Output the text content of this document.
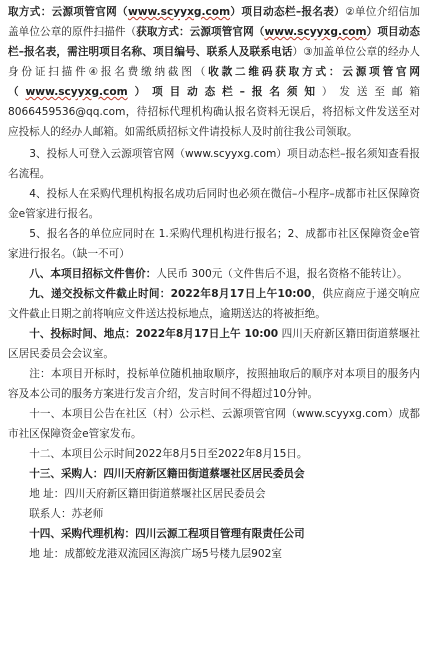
取方式：云源项管官网（www.scyyxg.com）项目动态栏–报名表）②单位介绍信加盖单位公章的原件扫描件（获取方式：云源项管官网（www.scyyxg.com）项目动态栏–报名表，需注明项目名称、项目编号、联系人及联系电话）③加盖单位公章的经办人身份证扫描件④报名费缴纳截图（收款二维码获取方式：云源项管官网（www.scyyxg.com）项目动态栏–报名须知）发送至邮箱8066459536@qq.com，待招标代理机构确认报名资料无误后，将招标文件发送至对应投标人的经办人邮箱。如需纸质招标文件请投标人及时前往我公司领取。

3、投标人可登入云源项管官网（www.scyyxg.com）项目动态栏–报名须知查看报名流程。

4、投标人在采购代理机构报名成功后同时也必须在微信–小程序–成都市社区保障资金e管家进行报名。

5、报名各的单位应同时在 1.采购代理机构进行报名；2、成都市社区保障资金e管家进行报名。（缺一不可）

八、本项目招标文件售价：人民币 300元（文件售后不退，报名资格不能转让）。

九、递交投标文件截止时间：2022年8月17日上午10:00，供应商应于递交响应文件截止日期之前将响应文件送达投标地点，逾期送达的将被拒绝。

十、投标时间、地点：2022年8月17日上午 10:00 四川天府新区籍田街道蔡堰社区居民委员会会议室。

注：本项目开标时，投标单位随机抽取顺序，按照抽取后的顺序对本项目的服务内容及本公司的服务方案进行发言介绍，发言时间不得超过10分钟。

十一、本项目公告在社区（村）公示栏、云源项管官网（www.scyyxg.com）成都市社区保障资金e管家发布。

十二、本项目公示时间2022年8月5日至2022年8月15日。

十三、采购人：四川天府新区籍田街道蔡堰社区居民委员会

地 址：四川天府新区籍田街道蔡堰社区居民委员会

联系人：苏老师

十四、采购代理机构：四川云源工程项目管理有限责任公司

地 址：成都蛟龙港双流园区海滨广场5号楼九层902室
